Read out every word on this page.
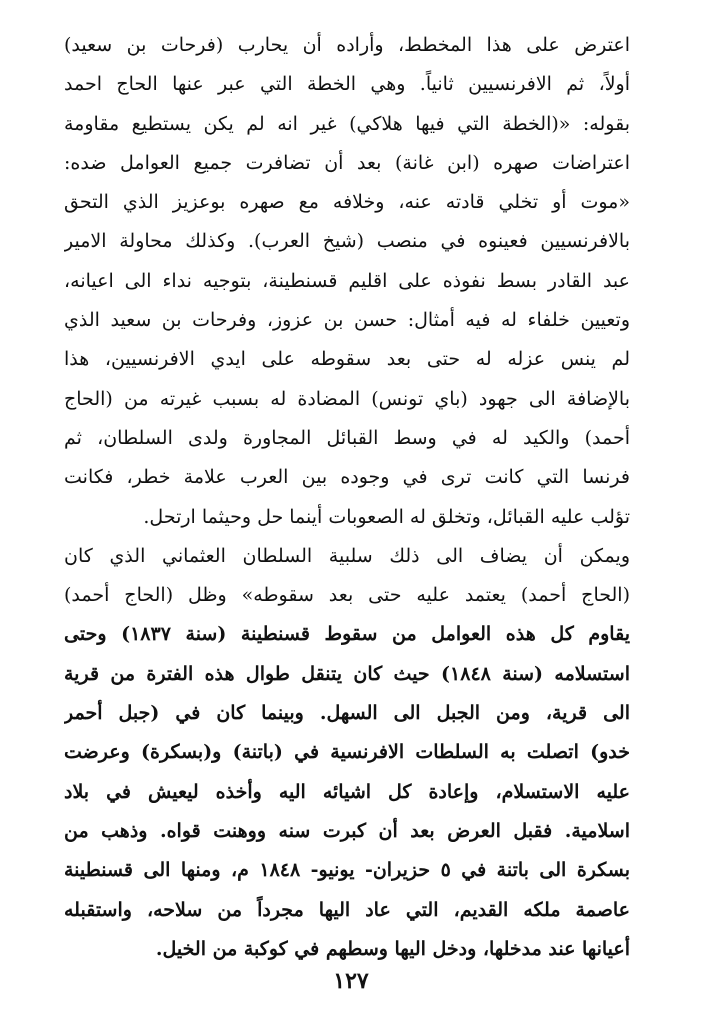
اعترض على هذا المخطط، وأراده أن يحارب (فرحات بن سعيد)
أولاً، ثم الافرنسيين ثانياً. وهي الخطة التي عبر عنها الحاج احمد
بقوله: «(الخطة التي فيها هلاكي) غير انه لم يكن يستطيع مقاومة
اعتراضات صهره (ابن غانة) بعد أن تضافرت جميع العوامل ضده:
«موت أو تخلي قادته عنه، وخلافه مع صهره بوعزيز الذي التحق
بالافرنسيين فعينوه في منصب (شيخ العرب). وكذلك محاولة الامير
عبد القادر بسط نفوذه على اقليم قسنطينة، بتوجيه نداء الى اعيانه،
وتعيين خلفاء له فيه أمثال: حسن بن عزوز، وفرحات بن سعيد الذي
لم ينس عزله له حتى بعد سقوطه على ايدي الافرنسيين، هذا
بالإضافة الى جهود (باي تونس) المضادة له بسبب غيرته من (الحاج
أحمد) والكيد له في وسط القبائل المجاورة ولدى السلطان، ثم
فرنسا التي كانت ترى في وجوده بين العرب علامة خطر، فكانت
تؤلب عليه القبائل، وتخلق له الصعوبات أينما حل وحيثما ارتحل.
ويمكن أن يضاف الى ذلك سلبية السلطان العثماني الذي كان
(الحاج أحمد) يعتمد عليه حتى بعد سقوطه» وظل (الحاج أحمد)
يقاوم كل هذه العوامل من سقوط قسنطينة (سنة ١٨٣٧) وحتى
استسلامه (سنة ١٨٤٨) حيث كان يتنقل طوال هذه الفترة من قرية
الى قرية، ومن الجبل الى السهل. وبينما كان في (جبل أحمر
خدو) اتصلت به السلطات الافرنسية في (باتنة) و(بسكرة) وعرضت
عليه الاستسلام، وإعادة كل اشيائه اليه وأخذه ليعيش في بلاد
اسلامية. فقبل العرض بعد أن كبرت سنه ووهنت قواه. وذهب من
بسكرة الى باتنة في ٥ حزيران- يونيو- ١٨٤٨ م، ومنها الى قسنطينة
عاصمة ملكه القديم، التي عاد اليها مجرداً من سلاحه، واستقبله
أعيانها عند مدخلها، ودخل اليها وسطهم في كوكبة من الخيل.
١٢٧
